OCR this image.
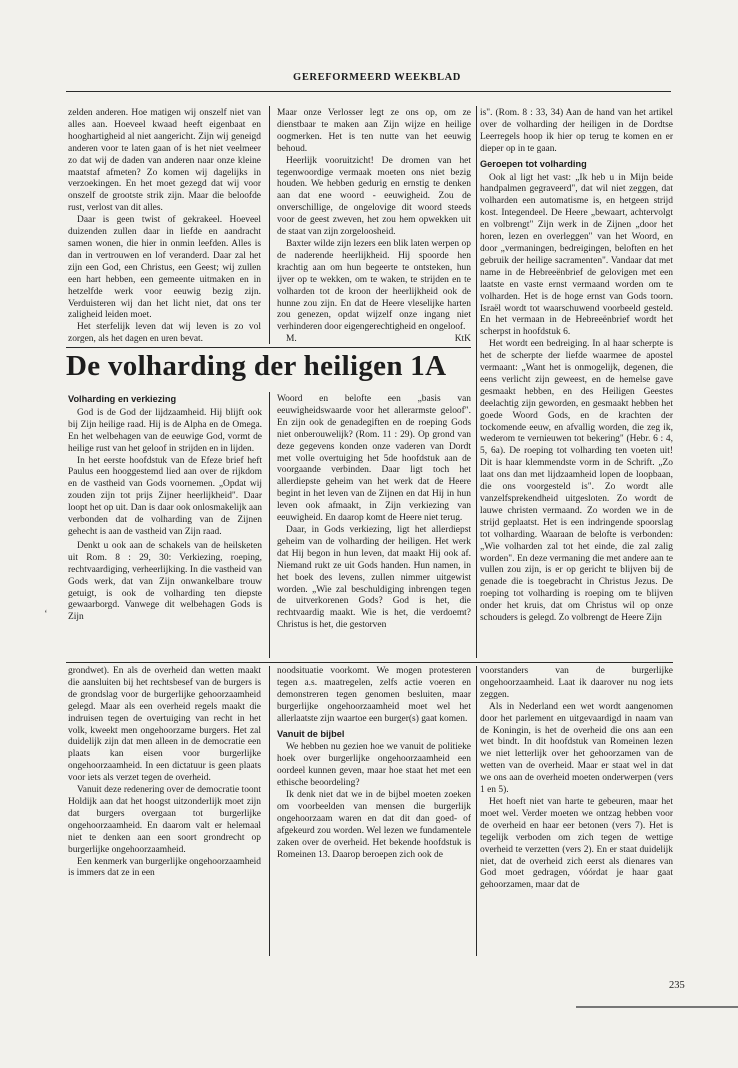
GEREFORMEERD WEEKBLAD

zelden anderen. Hoe matigen wij onszelf niet van alles aan. Hoeveel kwaad heeft eigenbaat en hooghartigheid al niet aangericht. Zijn wij geneigd anderen voor te laten gaan of is het niet veelmeer zo dat wij de daden van anderen naar onze kleine maatstaf afmeten? Zo komen wij dagelijks in verzoekingen. En het moet gezegd dat wij voor onszelf de grootste strik zijn. Maar die beloofde rust, verlost van dit alles.

Daar is geen twist of gekrakeel. Hoeveel duizenden zullen daar in liefde en aandracht samen wonen, die hier in onmin leefden. Alles is dan in vertrouwen en lof veranderd. Daar zal het zijn een God, een Christus, een Geest; wij zullen een hart hebben, een gemeente uitmaken en in hetzelfde werk voor eeuwig bezig zijn. Verduisteren wij dan het licht niet, dat ons ter zaligheid leiden moet.

Het sterfelijk leven dat wij leven is zo vol zorgen, als het dagen en uren bevat.

Maar onze Verlosser legt ze ons op, om ze dienstbaar te maken aan Zijn wijze en heilige oogmerken. Het is ten nutte van het eeuwig behoud.

Heerlijk vooruitzicht! De dromen van het tegenwoordige vermaak moeten ons niet bezig houden. We hebben gedurig en ernstig te denken aan dat ene woord - eeuwigheid. Zou de onverschillige, de ongelovige dit woord steeds voor de geest zweven, het zou hem opwekken uit de staat van zijn zorgeloosheid.

Baxter wilde zijn lezers een blik laten werpen op de naderende heerlijkheid. Hij spoorde hen krachtig aan om hun begeerte te ontsteken, hun ijver op te wekken, om te waken, te strijden en te volharden tot de kroon der heerlijkheid ook de hunne zou zijn. En dat de Heere vleselijke harten zou genezen, opdat wijzelf onze ingang niet verhinderen door eigengerechtigheid en ongeloof.

M.	KtK

De volharding der heiligen 1A

is". (Rom. 8 : 33, 34) Aan de hand van het artikel over de volharding der heiligen in de Dordtse Leerregels hoop ik hier op terug te komen en er dieper op in te gaan.

Geroepen tot volharding

Ook al ligt het vast: „Ik heb u in Mijn beide handpalmen gegraveerd", dat wil niet zeggen, dat volharden een automatisme is, en hetgeen strijd kost. Integendeel. De Heere „bewaart, achtervolgt en volbrengt" Zijn werk in de Zijnen „door het horen, lezen en overleggen" van het Woord, en door „vermaningen, bedreigingen, beloften en het gebruik der heilige sacramenten". Vandaar dat met name in de Hebreeënbrief de gelovigen met een laatste en vaste ernst vermaand worden om te volharden. Het is de hoge ernst van Gods toorn. Israël wordt tot waarschuwend voorbeeld gesteld. En het vermaan in de Hebreeënbrief wordt het scherpst in hoofdstuk 6.

Het wordt een bedreiging. In al haar scherpte is het de scherpte der liefde waarmee de apostel vermaant: „Want het is onmogelijk, degenen, die eens verlicht zijn geweest, en de hemelse gave gesmaakt hebben, en des Heiligen Geestes deelachtig zijn geworden, en gesmaakt hebben het goede Woord Gods, en de krachten der tockomende eeuw, en afvallig worden, die zeg ik, wederom te vernieuwen tot bekering" (Hebr. 6 : 4, 5, 6a). De roeping tot volharding ten voeten uit! Dit is haar klemmendste vorm in de Schrift. „Zo laat ons dan met lijdzaamheid lopen de loopbaan, die ons voorgesteld is". Zo wordt alle vanzelfsprekendheid uitgesloten. Zo wordt de lauwe christen vermaand. Zo worden we in de strijd geplaatst. Het is een indringende spoorslag tot volharding. Waaraan de belofte is verbonden: „Wie volharden zal tot het einde, die zal zalig worden". En deze vermaning die met andere aan te vullen zou zijn, is er op gericht te blijven bij de genade die is toegebracht in Christus Jezus. De roeping tot volharding is roeping om te blijven onder het kruis, dat om Christus wil op onze schouders is gelegd. Zo volbrengt de Heere Zijn

Volharding en verkiezing

God is de God der lijdzaamheid. Hij blijft ook bij Zijn heilige raad. Hij is de Alpha en de Omega. En het welbehagen van de eeuwige God, vormt de heilige rust van het geloof in strijden en in lijden.

In het eerste hoofdstuk van de Efeze brief heft Paulus een hooggestemd lied aan over de rijkdom en de vastheid van Gods voornemen. „Opdat wij zouden zijn tot prijs Zijner heerlijkheid". Daar loopt het op uit. Dan is daar ook onlosmakelijk aan verbonden dat de volharding van de Zijnen gehecht is aan de vastheid van Zijn raad.

Denkt u ook aan de schakels van de heilsketen uit Rom. 8 : 29, 30: Verkiezing, roeping, rechtvaardiging, verheerlijking. In die vastheid van Gods werk, dat van Zijn onwankelbare trouw getuigt, is ook de volharding ten diepste gewaarborgd. Vanwege dit welbehagen Gods is Zijn

Woord en belofte een „basis van eeuwigheidswaarde voor het allerarmste geloof". En zijn ook de genadegiften en de roeping Gods niet onberouwelijk? (Rom. 11 : 29). Op grond van deze gegevens konden onze vaderen van Dordt met volle overtuiging het 5de hoofdstuk aan de voorgaande verbinden. Daar ligt toch het allerdiepste geheim van het werk dat de Heere begint in het leven van de Zijnen en dat Hij in hun leven ook afmaakt, in Zijn verkiezing van eeuwigheid. En daarop komt de Heere niet terug.

Daar, in Gods verkiezing, ligt het allerdiepst geheim van de volharding der heiligen. Het werk dat Hij begon in hun leven, dat maakt Hij ook af. Niemand rukt ze uit Gods handen. Hun namen, in het boek des levens, zullen nimmer uitgewist worden. „Wie zal beschuldiging inbrengen tegen de uitverkorenen Gods? God is het, die rechtvaardig maakt. Wie is het, die verdoemt? Christus is het, die gestorven

ʻ

grondwet). En als de overheid dan wetten maakt die aansluiten bij het rechtsbesef van de burgers is de grondslag voor de burgerlijke gehoorzaamheid gelegd. Maar als een overheid regels maakt die indruisen tegen de overtuiging van recht in het volk, kweekt men ongehoorzame burgers. Het zal duidelijk zijn dat men alleen in de democratie een plaats kan eisen voor burgerlijke ongehoorzaamheid. In een dictatuur is geen plaats voor iets als verzet tegen de overheid.

Vanuit deze redenering over de democratie toont Holdijk aan dat het hoogst uitzonderlijk moet zijn dat burgers overgaan tot burgerlijke ongehoorzaamheid. En daarom valt er helemaal niet te denken aan een soort grondrecht op burgerlijke ongehoorzaamheid.

Een kenmerk van burgerlijke ongehoorzaamheid is immers dat ze in een

noodsituatie voorkomt. We mogen protesteren tegen a.s. maatregelen, zelfs actie voeren en demonstreren tegen genomen besluiten, maar burgerlijke ongehoorzaamheid moet wel het allerlaatste zijn waartoe een burger(s) gaat komen.

Vanuit de bijbel

We hebben nu gezien hoe we vanuit de politieke hoek over burgerlijke ongehoorzaamheid een oordeel kunnen geven, maar hoe staat het met een ethische beoordeling?

Ik denk niet dat we in de bijbel moeten zoeken om voorbeelden van mensen die burgerlijk ongehoorzaam waren en dat dit dan goed- of afgekeurd zou worden. Wel lezen we fundamentele zaken over de overheid. Het bekende hoofdstuk is Romeinen 13. Daarop beroepen zich ook de

voorstanders van de burgerlijke ongehoorzaamheid. Laat ik daarover nu nog iets zeggen.

Als in Nederland een wet wordt aangenomen door het parlement en uitgevaardigd in naam van de Koningin, is het de overheid die ons aan een wet bindt. In dit hoofdstuk van Romeinen lezen we niet letterlijk over het gehoorzamen van de wetten van de overheid. Maar er staat wel in dat we ons aan de overheid moeten onderwerpen (vers 1 en 5).

Het hoeft niet van harte te gebeuren, maar het moet wel. Verder moeten we ontzag hebben voor de overheid en haar eer betonen (vers 7). Het is tegelijk verboden om zich tegen de wettige overheid te verzetten (vers 2). En er staat duidelijk niet, dat de overheid zich eerst als dienares van God moet gedragen, vóórdat je haar gaat gehoorzamen, maar dat de

235
